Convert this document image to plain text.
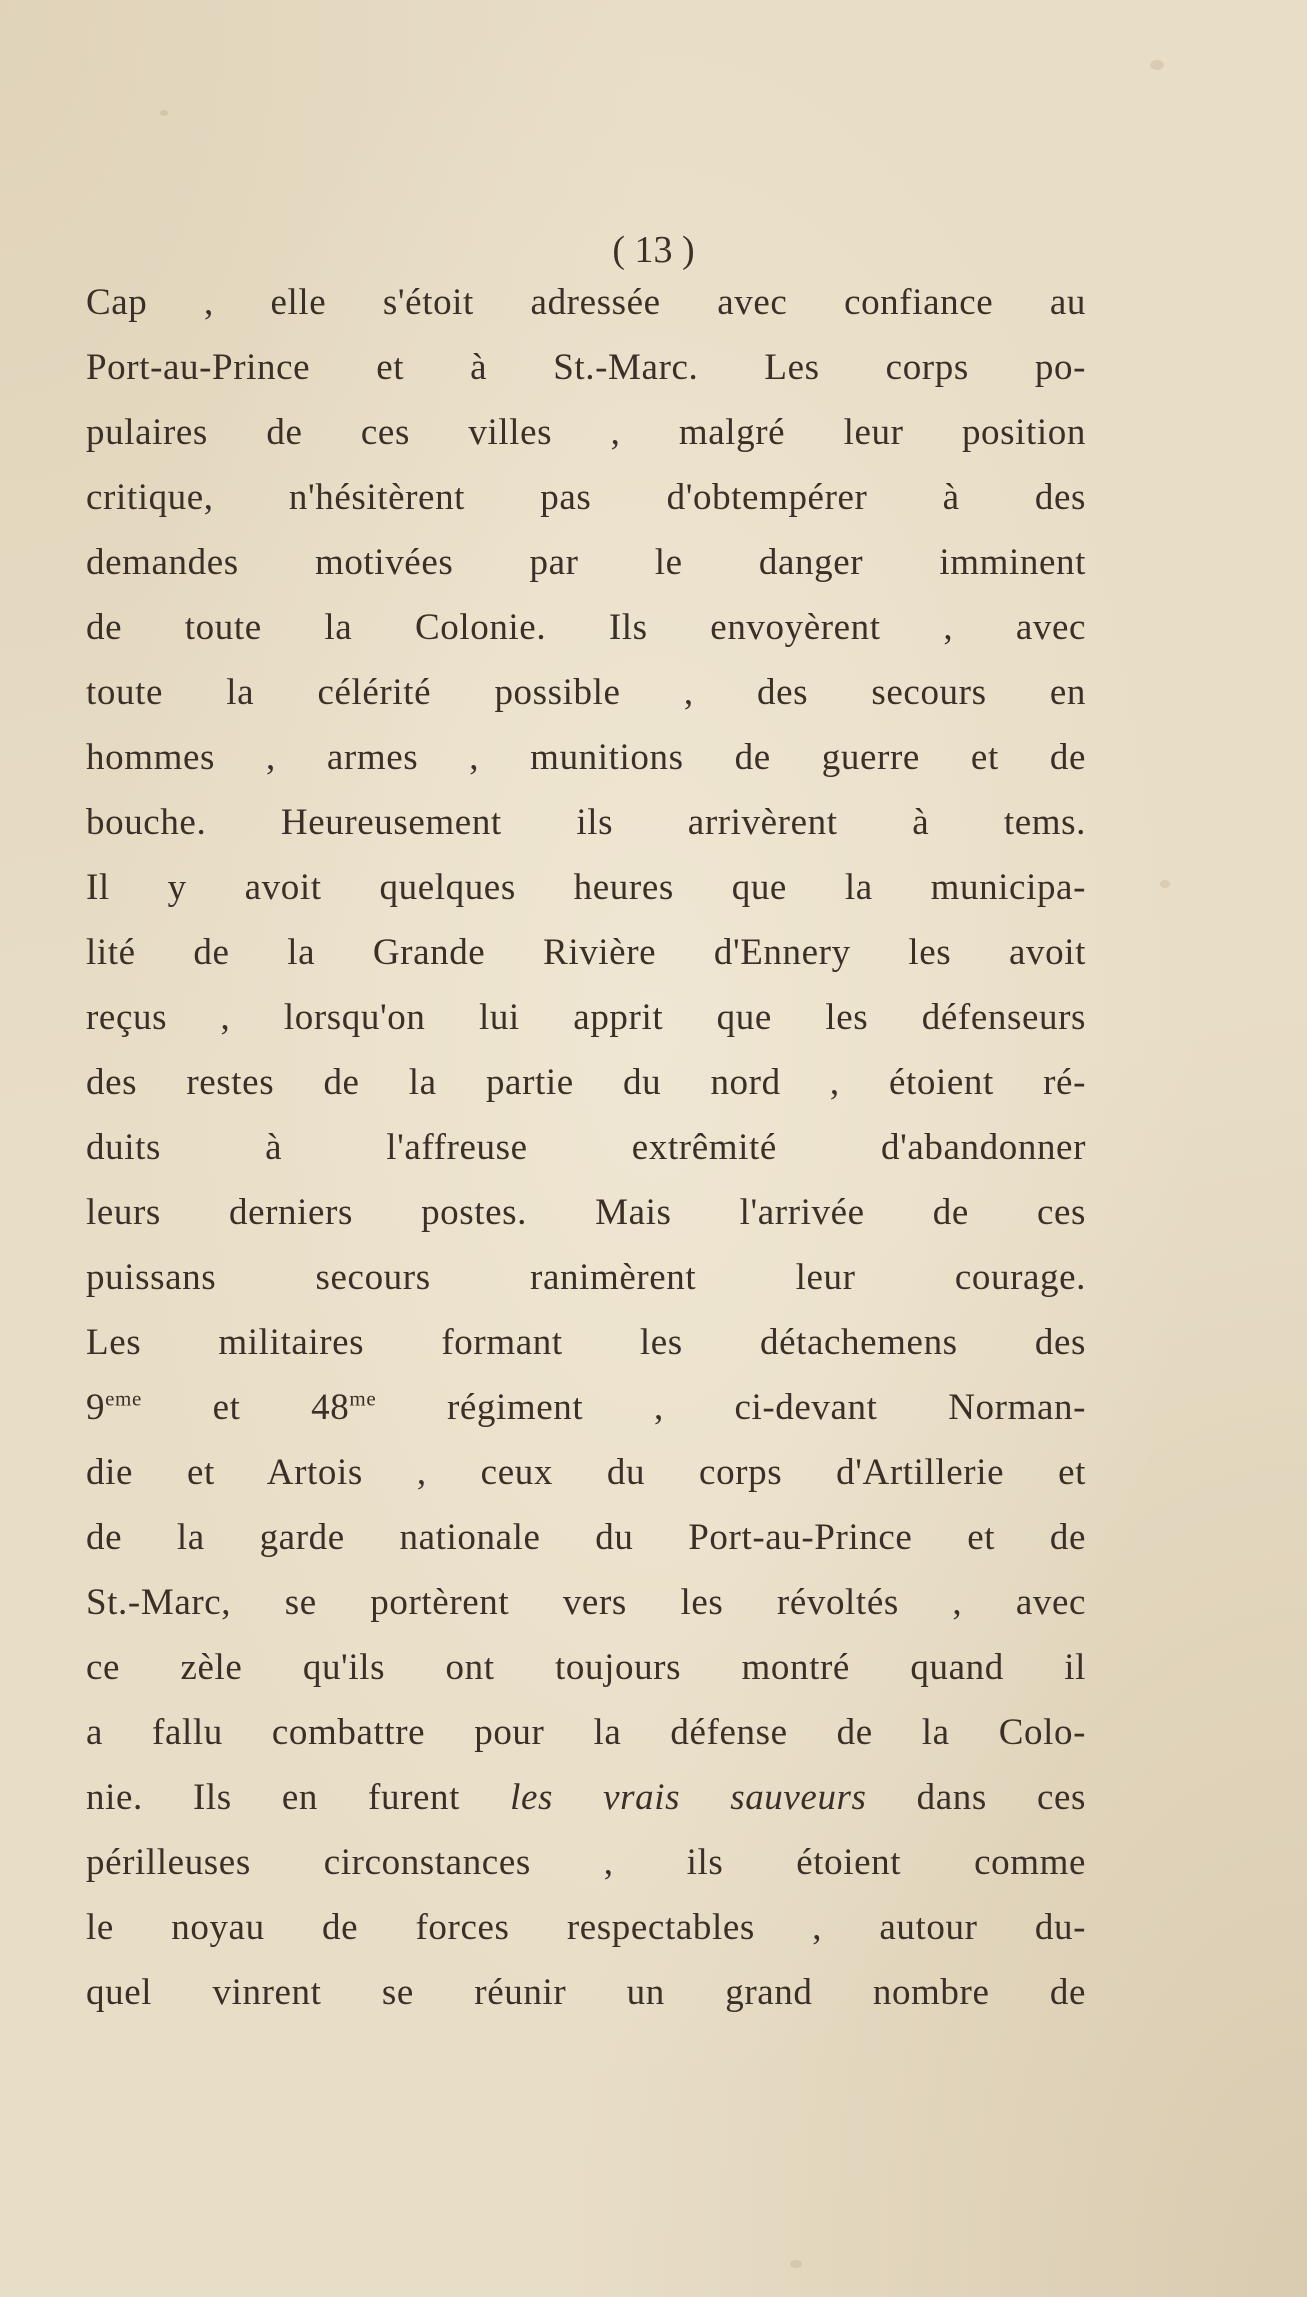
( 13 )
Cap , elle s'étoit adressée avec confiance au
Port-au-Prince et à St.-Marc. Les corps po-
pulaires de ces villes , malgré leur position
critique, n'hésitèrent pas d'obtempérer à des
demandes motivées par le danger imminent
de toute la Colonie. Ils envoyèrent , avec
toute la célérité possible , des secours en
hommes , armes , munitions de guerre et de
bouche. Heureusement ils arrivèrent à tems.
Il y avoit quelques heures que la municipa-
lité de la Grande Rivière d'Ennery les avoit
reçus , lorsqu'on lui apprit que les défenseurs
des restes de la partie du nord , étoient ré-
duits à l'affreuse extrêmité d'abandonner
leurs derniers postes. Mais l'arrivée de ces
puissans secours ranimèrent leur courage.
Les militaires formant les détachemens des
9eme et $48^{me}$ régiment , ci-devant Norman-
die et Artois , ceux du corps d'Artillerie et
de la garde nationale du Port-au-Prince et de
St.-Marc, se portèrent vers les révoltés , avec
ce zèle qu'ils ont toujours montré quand il
a fallu combattre pour la défense de la Colo-
nie. Ils en furent les vrais sauveurs dans ces
périlleuses circonstances , ils étoient comme
le noyau de forces respectables , autour du-
quel vinrent se réunir un grand nombre de
